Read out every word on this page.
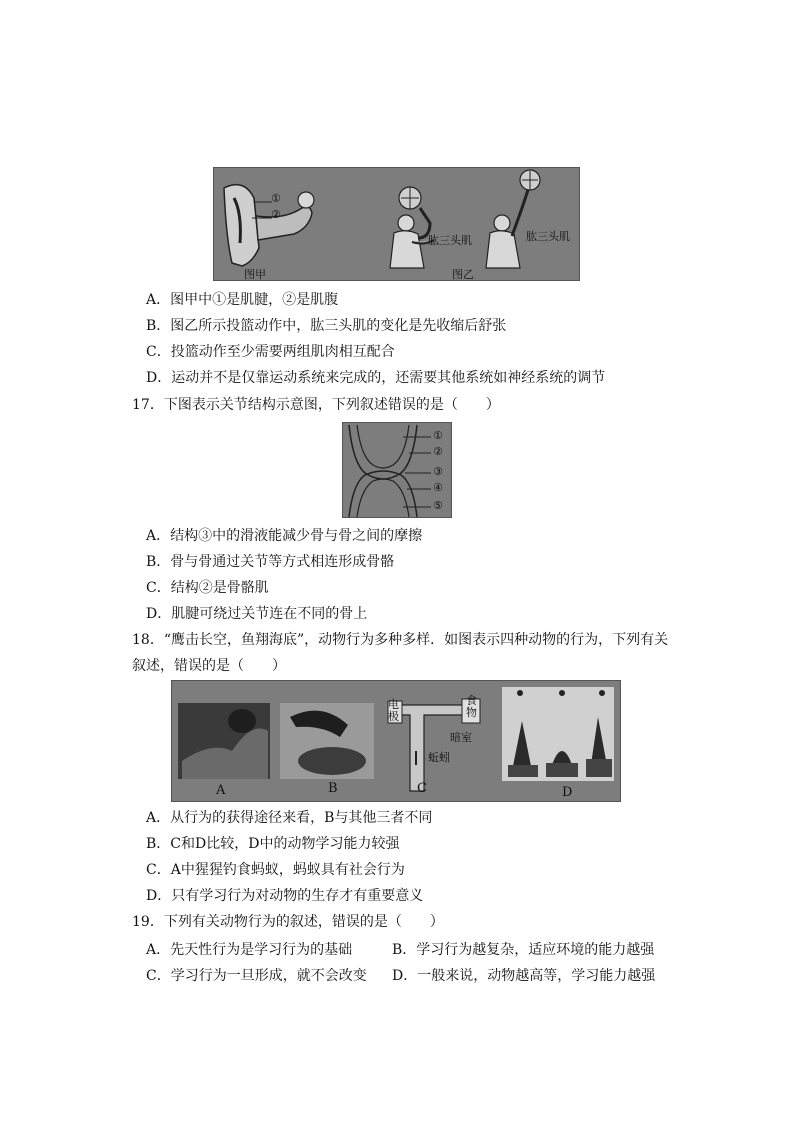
①
②
肱三头肌	肱三头肌
图甲	图乙
A．图甲中①是肌腱，②是肌腹
B．图乙所示投篮动作中，肱三头肌的变化是先收缩后舒张
C．投篮动作至少需要两组肌肉相互配合
D．运动并不是仅靠运动系统来完成的，还需要其他系统如神经系统的调节
17．下图表示关节结构示意图，下列叙述错误的是（　　）
①
②
③
④
⑤
A．结构③中的滑液能减少骨与骨之间的摩擦
B．骨与骨通过关节等方式相连形成骨骼
C．结构②是骨骼肌
D．肌腱可绕过关节连在不同的骨上
18．“鹰击长空，鱼翔海底”，动物行为多种多样．如图表示四种动物的行为，下列有关
叙述，错误的是（　　）
A	B	C	D
电极
食物
暗室
蚯蚓
A．从行为的获得途径来看，B与其他三者不同
B．C和D比较，D中的动物学习能力较强
C．A中猩猩钓食蚂蚁，蚂蚁具有社会行为
D．只有学习行为对动物的生存才有重要意义
19．下列有关动物行为的叙述，错误的是（　　）
A．先天性行为是学习行为的基础	B．学习行为越复杂，适应环境的能力越强
C．学习行为一旦形成，就不会改变 D．一般来说，动物越高等，学习能力越强
